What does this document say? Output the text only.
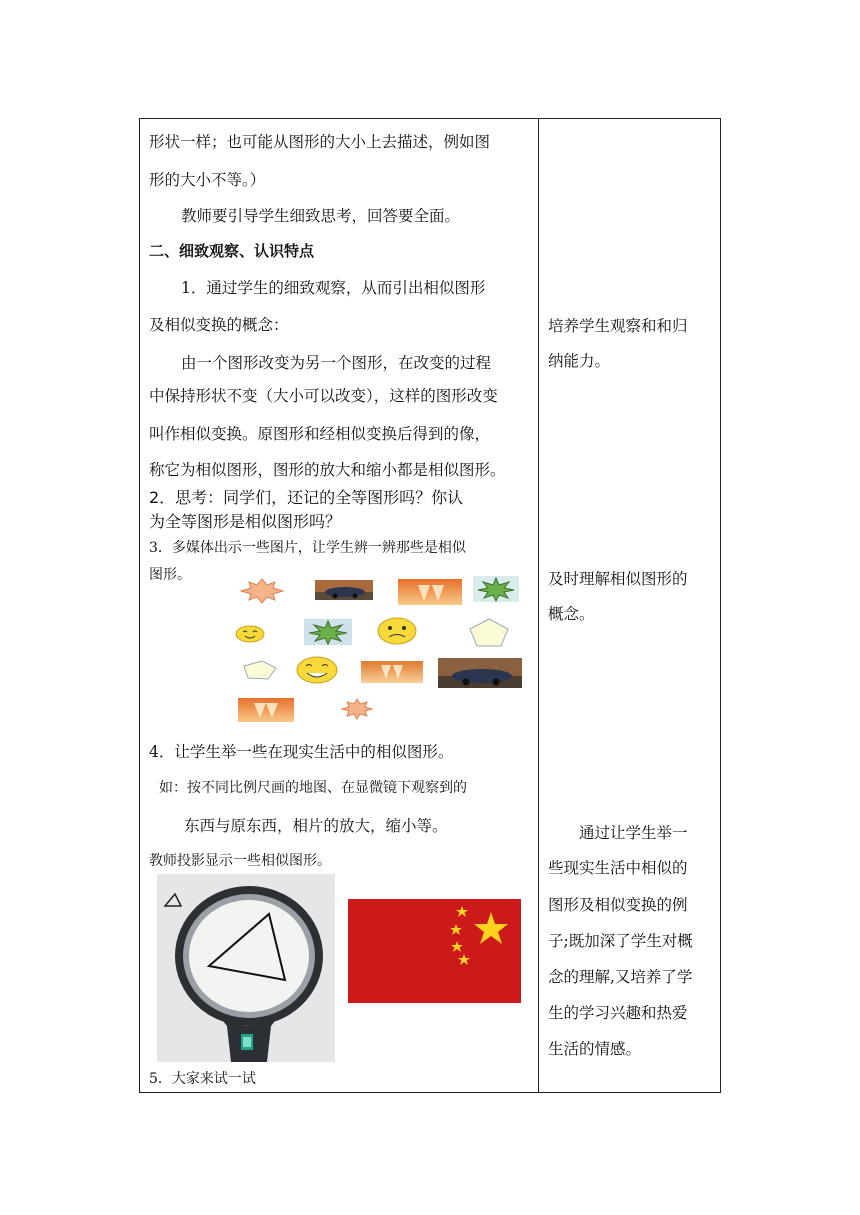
形状一样；也可能从图形的大小上去描述，例如图
形的大小不等。）
教师要引导学生细致思考，回答要全面。
二、细致观察、认识特点
1．通过学生的细致观察，从而引出相似图形
及相似变换的概念：
由一个图形改变为另一个图形，在改变的过程
中保持形状不变（大小可以改变），这样的图形改变
叫作相似变换。原图形和经相似变换后得到的像，
称它为相似图形，图形的放大和缩小都是相似图形。
2．思考：同学们，还记的全等图形吗？你认
为全等图形是相似图形吗？
3．多媒体出示一些图片，让学生辨一辨那些是相似
图形。
4．让学生举一些在现实生活中的相似图形。
如：按不同比例尺画的地图、在显微镜下观察到的
东西与原东西，相片的放大，缩小等。
教师投影显示一些相似图形。
5．大家来试一试
培养学生观察和和归
纳能力。
及时理解相似图形的
概念。
通过让学生举一
些现实生活中相似的
图形及相似变换的例
子;既加深了学生对概
念的理解,又培养了学
生的学习兴趣和热爱
生活的情感。
